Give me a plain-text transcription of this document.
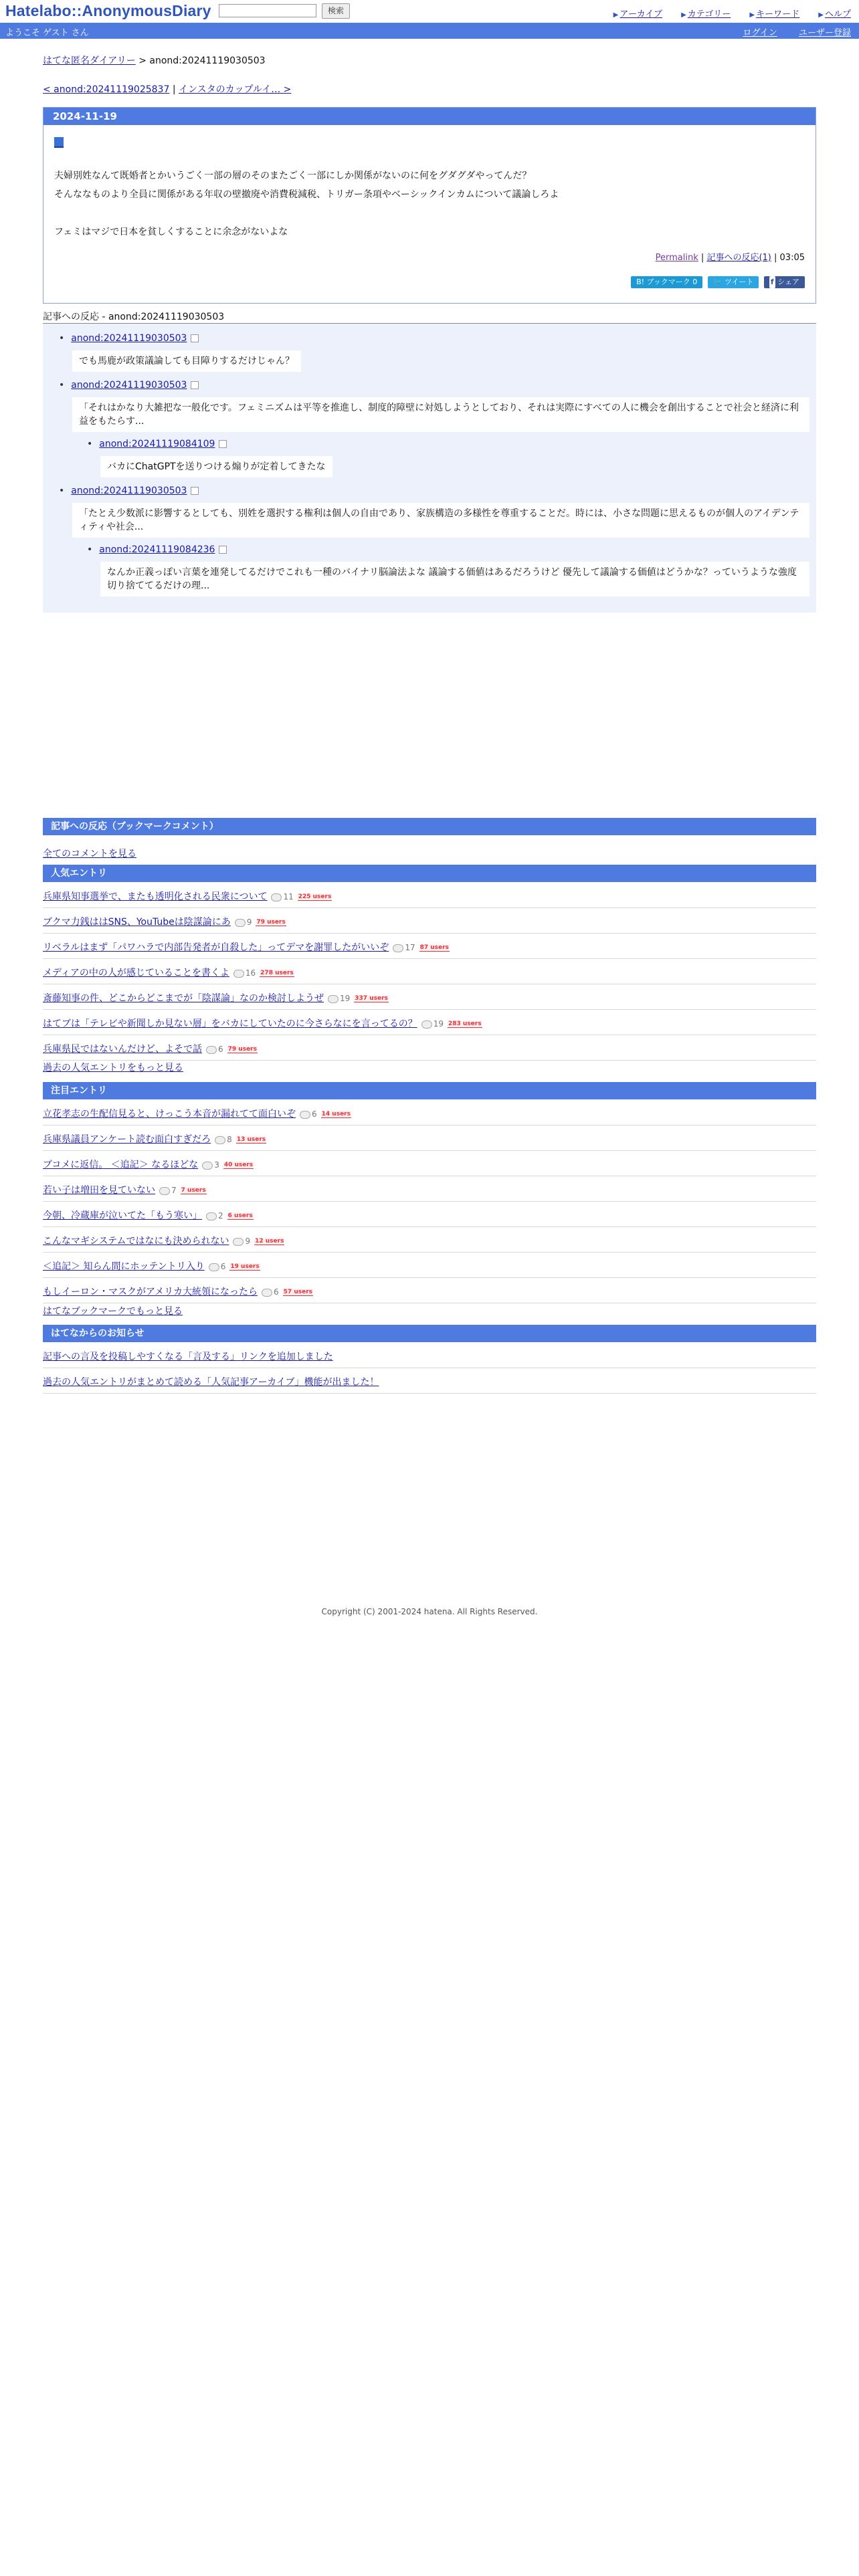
Hatelabo::AnonymousDiary	検索	▶ アーカイブ	▶ カテゴリー	▶ キーワード	▶ ヘルプ
ようこそ ゲスト さん	ログイン ユーザー登録
はてな匿名ダイアリー > anond:20241119030503
< anond:20241119025837 | インスタのカップルイ… >
2024-11-19
夫婦別姓なんて既婚者とかいうごく一部の層のそのまたごく一部にしか関係がないのに何をグダグダやってんだ？
そんななものより全員に関係がある年収の壁撤廃や消費税減税、トリガー条項やベーシックインカムについて議論しろよ
フェミはマジで日本を貧しくすることに余念がないよな
Permalink | 記事への反応(1) | 03:05
B! ブックマーク 0 🐦 ツイート f シェア
記事への反応 - anond:20241119030503
• anond:20241119030503
でも馬鹿が政策議論しても目障りするだけじゃん？
• anond:20241119030503
「それはかなり大雑把な一般化です。フェミニズムは平等を推進し、制度的障壁に対処しようとしており、それは実際にすべての人に機会を創出することで社会と経済に利益をもたらす...
• anond:20241119084109
バカにChatGPTを送りつける煽りが定着してきたな
• anond:20241119030503
「たとえ少数派に影響するとしても、別姓を選択する権利は個人の自由であり、家族構造の多様性を尊重することだ。時には、小さな問題に思えるものが個人のアイデンティティや社会...
• anond:20241119084236
なんか正義っぽい言葉を連発してるだけでこれも一種のバイナリ脳論法よな 議論する価値はあるだろうけど 優先して議論する価値はどうかな？っていうような強度切り捨ててるだけの理...
記事への反応（ブックマークコメント）
全てのコメントを見る
人気エントリ
兵庫県知事選挙で、またも透明化される民衆について 11 225 users
ブクマ力銭ははSNS、YouTubeは陰謀論にあ 9 79 users
リベラルはまず「パワハラで内部告発者が自殺した」ってデマを謝罪したがいいぞ 17 87 users
メディアの中の人が感じていることを書くよ 16 278 users
斎藤知事の件、どこからどこまでが「陰謀論」なのか検討しようぜ 19 337 users
はてブは「テレビや新聞しか見ない層」をバカにしていたのに今さらなにを言ってるの？ 19 283 users
兵庫県民ではないんだけど、よそで話 6 79 users
過去の人気エントリをもっと見る
注目エントリ
立花孝志の生配信見ると、けっこう本音が漏れてて面白いぞ 6 14 users
兵庫県議員アンケート読む面白すぎだろ 8 13 users
ブコメに返信。 ＜追記＞ なるほどな 3 40 users
若い子は増田を見ていない 7 7 users
今朝、冷蔵庫が泣いてた「もう寒い」 2 6 users
こんなマギシステムではなにも決められない 9 12 users
＜追記＞ 知らん間にホッテントリ入り 6 19 users
もしイーロン・マスクがアメリカ大統領になったら 6 57 users
はてなブックマークでもっと見る
はてなからのお知らせ
記事への言及を投稿しやすくなる「言及する」リンクを追加しました
過去の人気エントリがまとめて読める「人気記事アーカイブ」機能が出ました！
Copyright (C) 2001-2024 hatena. All Rights Reserved.
